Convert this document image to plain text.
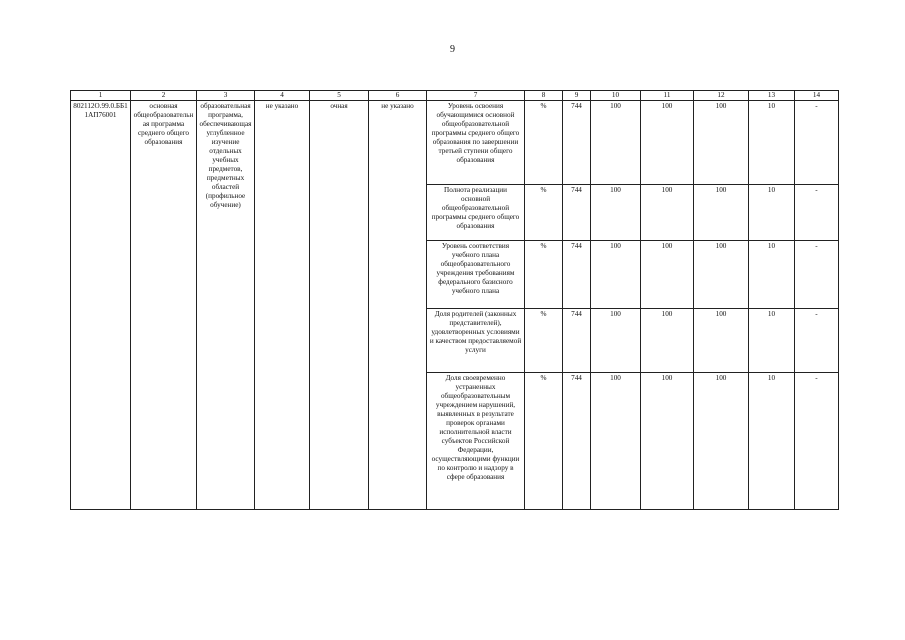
9
1	2	3	4	5	6	7	8	9	10	11	12	13	14
802112О.99.0.ББ11АП76001	основная общеобразовательная программа среднего общего образования	образовательная программа, обеспечивающая углубленное изучение отдельных учебных предметов, предметных областей (профильное обучение)	не указано	очная	не указано	Уровень освоения обучающимися основной общеобразовательной программы среднего общего образования по завершении третьей ступени общего образования	%	744	100	100	100	10	-
						Полнота реализации основной общеобразовательной программы среднего общего образования	%	744	100	100	100	10	-
						Уровень соответствия учебного плана общеобразовательного учреждения требованиям федерального базисного учебного плана	%	744	100	100	100	10	-
						Доля родителей (законных представителей), удовлетворенных условиями и качеством предоставляемой услуги	%	744	100	100	100	10	-
						Доля своевременно устраненных общеобразовательным учреждением нарушений, выявленных в результате проверок органами исполнительной власти субъектов Российской Федерации, осуществляющими функции по контролю и надзору в сфере образования	%	744	100	100	100	10	-
